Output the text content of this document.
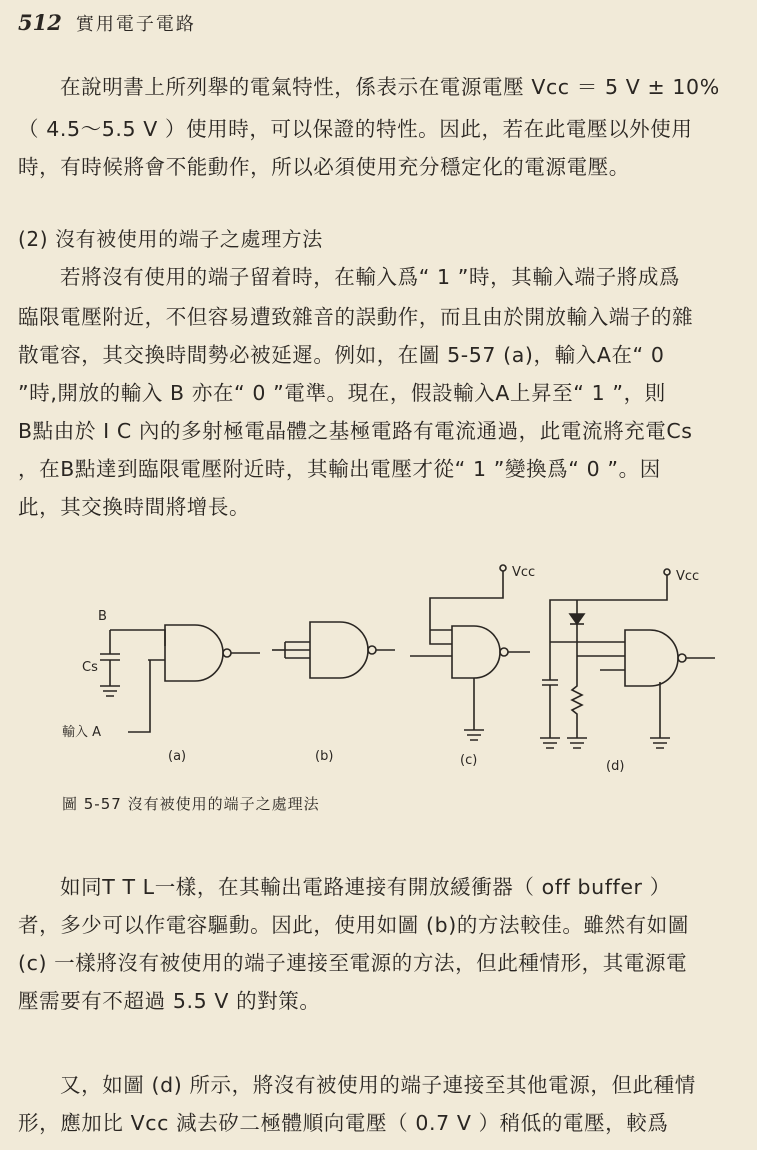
512 實用電子電路
在說明書上所列舉的電氣特性，係表示在電源電壓 Vcc ＝ 5 V ± 10%
（ 4.5～5.5 V ）使用時，可以保證的特性。因此，若在此電壓以外使用
時，有時候將會不能動作，所以必須使用充分穩定化的電源電壓。
(2) 沒有被使用的端子之處理方法
若將沒有使用的端子留着時，在輸入爲“ 1 ”時，其輸入端子將成爲
臨限電壓附近，不但容易遭致雜音的誤動作，而且由於開放輸入端子的雜
散電容，其交換時間勢必被延遲。例如，在圖 5-57 (a)，輸入A在“ 0
”時,開放的輸入 B 亦在“ 0 ”電準。現在，假設輸入A上昇至“ 1 ”，則
B點由於 I C 內的多射極電晶體之基極電路有電流通過，此電流將充電Cs
，在B點達到臨限電壓附近時，其輸出電壓才從“ 1 ”變換爲“ 0 ”。因
此，其交換時間將增長。
B
Cs
輸入 A
(a)	(b)
Vcc
(c)
Vcc
(d)
圖 5-57 沒有被使用的端子之處理法
如同T T L一樣，在其輸出電路連接有開放緩衝器（ off buffer ）
者，多少可以作電容驅動。因此，使用如圖 (b)的方法較佳。雖然有如圖
(c) 一樣將沒有被使用的端子連接至電源的方法，但此種情形，其電源電
壓需要有不超過 5.5 V 的對策。
又，如圖 (d) 所示，將沒有被使用的端子連接至其他電源，但此種情
形，應加比 Vcc 減去矽二極體順向電壓（ 0.7 V ）稍低的電壓，較爲
